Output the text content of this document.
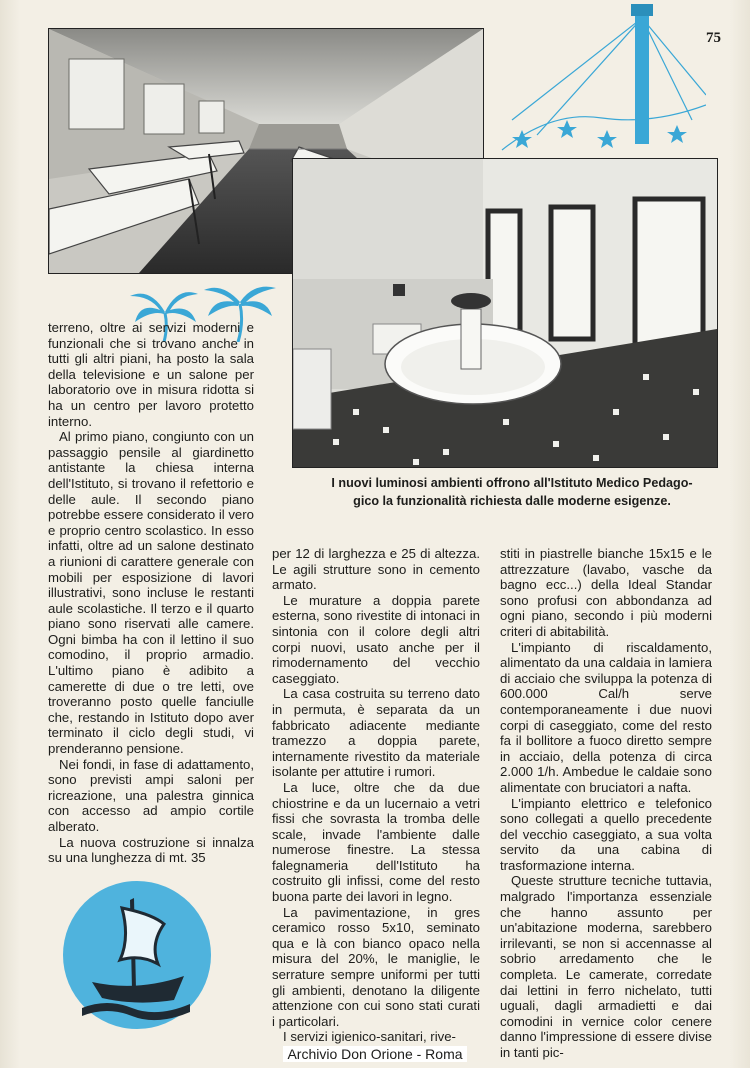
75

terreno, oltre ai servizi moderni e funzionali che si trovano anche in tutti gli altri piani, ha posto la sala della televisione e un salone per laboratorio ove in misura ridotta si ha un centro per lavoro protetto interno.

Al primo piano, congiunto con un passaggio pensile al giardinetto antistante la chiesa interna dell'Istituto, si trovano il refettorio e delle aule. Il secondo piano potrebbe essere considerato il vero e proprio centro scolastico. In esso infatti, oltre ad un salone destinato a riunioni di carattere generale con mobili per esposizione di lavori illustrativi, sono incluse le restanti aule scolastiche. Il terzo e il quarto piano sono riservati alle camere. Ogni bimba ha con il lettino il suo comodino, il proprio armadio. L'ultimo piano è adibito a camerette di due o tre letti, ove troveranno posto quelle fanciulle che, restando in Istituto dopo aver terminato il ciclo degli studi, vi prenderanno pensione.

Nei fondi, in fase di adattamento, sono previsti ampi saloni per ricreazione, una palestra ginnica con accesso ad ampio cortile alberato.

La nuova costruzione si innalza su una lunghezza di mt. 35

I nuovi luminosi ambienti offrono all'Istituto Medico Pedago-
gico la funzionalità richiesta dalle moderne esigenze.

per 12 di larghezza e 25 di altezza. Le agili strutture sono in cemento armato.

Le murature a doppia parete esterna, sono rivestite di intonaci in sintonia con il colore degli altri corpi nuovi, usato anche per il rimodernamento del vecchio caseggiato.

La casa costruita su terreno dato in permuta, è separata da un fabbricato adiacente mediante tramezzo a doppia parete, internamente rivestito da materiale isolante per attutire i rumori.

La luce, oltre che da due chiostrine e da un lucernaio a vetri fissi che sovrasta la tromba delle scale, invade l'ambiente dalle numerose finestre. La stessa falegnameria dell'Istituto ha costruito gli infissi, come del resto buona parte dei lavori in legno.

La pavimentazione, in gres ceramico rosso 5x10, seminato qua e là con bianco opaco nella misura del 20%, le maniglie, le serrature sempre uniformi per tutti gli ambienti, denotano la diligente attenzione con cui sono stati curati i particolari.

I servizi igienico-sanitari, rive-

stiti in piastrelle bianche 15x15 e le attrezzature (lavabo, vasche da bagno ecc...) della Ideal Standar sono profusi con abbondanza ad ogni piano, secondo i più moderni criteri di abitabilità.

L'impianto di riscaldamento, alimentato da una caldaia in lamiera di acciaio che sviluppa la potenza di 600.000 Cal/h serve contemporaneamente i due nuovi corpi di caseggiato, come del resto fa il bollitore a fuoco diretto sempre in acciaio, della potenza di circa 2.000 1/h. Ambedue le caldaie sono alimentate con bruciatori a nafta.

L'impianto elettrico e telefonico sono collegati a quello precedente del vecchio caseggiato, a sua volta servito da una cabina di trasformazione interna.

Queste strutture tecniche tuttavia, malgrado l'importanza essenziale che hanno assunto per un'abitazione moderna, sarebbero irrilevanti, se non si accennasse al sobrio arredamento che le completa. Le camerate, corredate dai lettini in ferro nichelato, tutti uguali, dagli armadietti e dai comodini in vernice color cenere danno l'impressione di essere divise in tanti pic-

Archivio Don Orione - Roma
